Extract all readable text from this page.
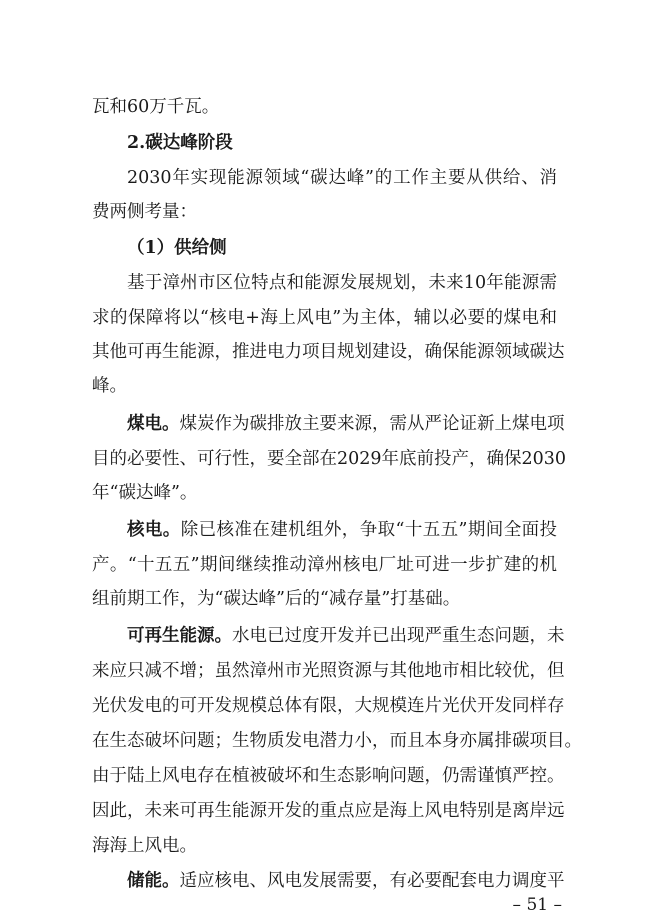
瓦和60万千瓦。
2.碳达峰阶段
2030年实现能源领域“碳达峰”的工作主要从供给、消
费两侧考量：
（1）供给侧
基于漳州市区位特点和能源发展规划，未来10年能源需
求的保障将以“核电+海上风电”为主体，辅以必要的煤电和
其他可再生能源，推进电力项目规划建设，确保能源领域碳达
峰。
煤电。煤炭作为碳排放主要来源，需从严论证新上煤电项
目的必要性、可行性，要全部在2029年底前投产，确保2030
年“碳达峰”。
核电。除已核准在建机组外，争取“十五五”期间全面投
产。“十五五”期间继续推动漳州核电厂址可进一步扩建的机
组前期工作，为“碳达峰”后的“减存量”打基础。
可再生能源。水电已过度开发并已出现严重生态问题，未
来应只减不增；虽然漳州市光照资源与其他地市相比较优，但
光伏发电的可开发规模总体有限，大规模连片光伏开发同样存
在生态破坏问题；生物质发电潜力小，而且本身亦属排碳项目。
由于陆上风电存在植被破坏和生态影响问题，仍需谨慎严控。
因此，未来可再生能源开发的重点应是海上风电特别是离岸远
海海上风电。
储能。适应核电、风电发展需要，有必要配套电力调度平
– 51 –
